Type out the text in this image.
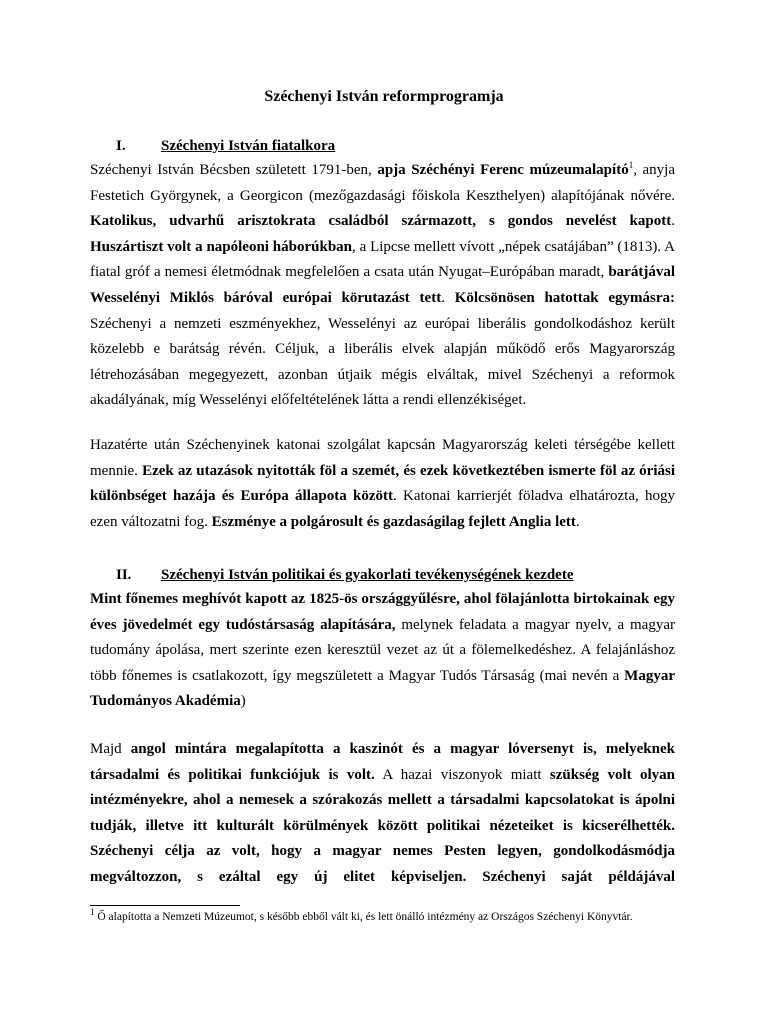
Széchenyi István reformprogramja
I. Széchenyi István fiatalkora

Széchenyi István Bécsben született 1791-ben, apja Széchényi Ferenc múzeumalapító$^1$, anyja Festetich Györgynek, a Georgicon (mezőgazdasági főiskola Keszthelyen) alapítójának nővére. Katolikus, udvarhű arisztokrata családból származott, s gondos nevelést kapott. Huszártiszt volt a napóleoni háborúkban, a Lipcse mellett vívott „népek csatájában” (1813). A fiatal gróf a nemesi életmódnak megfelelően a csata után Nyugat–Európában maradt, barátjával Wesselényi Miklós báróval európai körutazást tett. Kölcsönösen hatottak egymásra: Széchenyi a nemzeti eszményekhez, Wesselényi az európai liberális gondolkodáshoz került közelebb e barátság révén. Céljuk, a liberális elvek alapján működő erős Magyarország létrehozásában megegyezett, azonban útjaik mégis elváltak, mivel Széchenyi a reformok akadályának, míg Wesselényi előfeltételének látta a rendi ellenzékiséget.

Hazatérte után Széchenyinek katonai szolgálat kapcsán Magyarország keleti térségébe kellett mennie. Ezek az utazások nyitották föl a szemét, és ezek következtében ismerte föl az óriási különbséget hazája és Európa állapota között. Katonai karrierjét föladva elhatározta, hogy ezen változatni fog. Eszménye a polgárosult és gazdaságilag fejlett Anglia lett.

II. Széchenyi István politikai és gyakorlati tevékenységének kezdete

Mint főnemes meghívót kapott az 1825-ös országgyűlésre, ahol fölajánlotta birtokainak egy éves jövedelmét egy tudóstársaság alapítására, melynek feladata a magyar nyelv, a magyar tudomány ápolása, mert szerinte ezen keresztül vezet az út a fölemelkedéshez. A felajánláshoz több főnemes is csatlakozott, így megszületett a Magyar Tudós Társaság (mai nevén a Magyar Tudományos Akadémia)

Majd angol mintára megalapította a kaszinót és a magyar lóversenyt is, melyeknek társadalmi és politikai funkciójuk is volt. A hazai viszonyok miatt szükség volt olyan intézményekre, ahol a nemesek a szórakozás mellett a társadalmi kapcsolatokat is ápolni tudják, illetve itt kulturált körülmények között politikai nézeteiket is kicserélhették. Széchenyi célja az volt, hogy a magyar nemes Pesten legyen, gondolkodásmódja megváltozzon, s ezáltal egy új elitet képviseljen. Széchenyi saját példájával

$^1$ Ő alapította a Nemzeti Múzeumot, s később ebből vált ki, és lett önálló intézmény az Országos Széchenyi Könyvtár.
